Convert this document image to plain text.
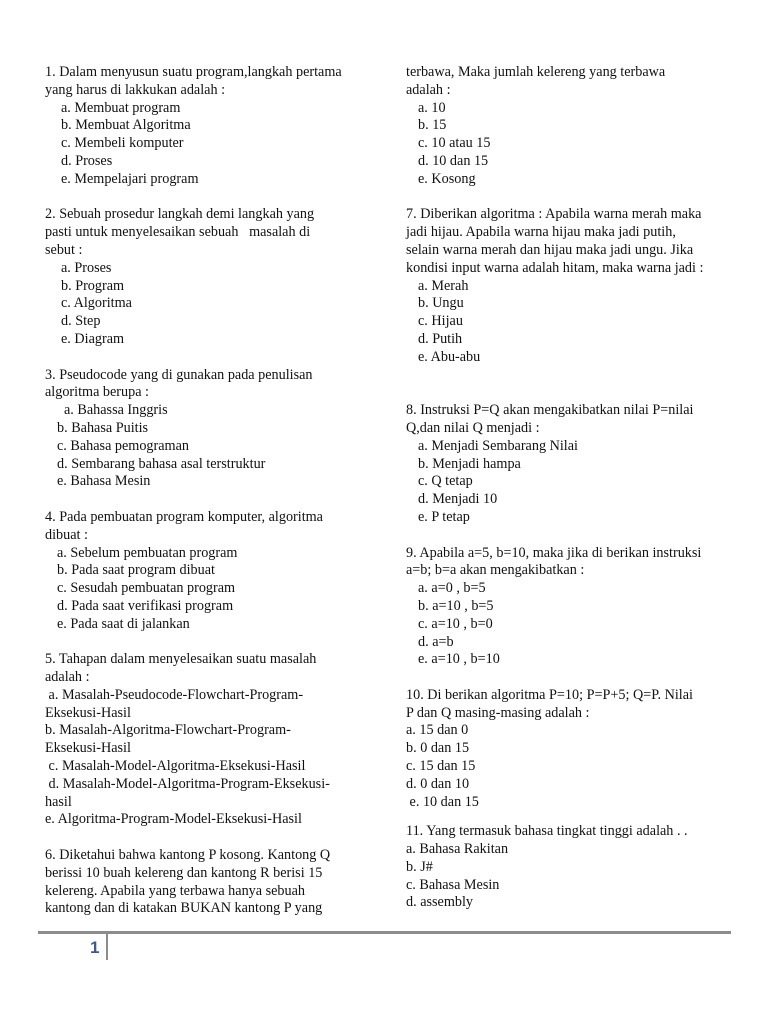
1. Dalam menyusun suatu program,langkah pertama
yang harus di lakkukan adalah :
a. Membuat program
b. Membuat Algoritma
c. Membeli komputer
d. Proses
e. Mempelajari program
2. Sebuah prosedur langkah demi langkah yang
pasti untuk menyelesaikan sebuah   masalah di
sebut :
a. Proses
b. Program
c. Algoritma
d. Step
e. Diagram
3. Pseudocode yang di gunakan pada penulisan
algoritma berupa :
a. Bahassa Inggris
b. Bahasa Puitis
c. Bahasa pemograman
d. Sembarang bahasa asal terstruktur
e. Bahasa Mesin
4. Pada pembuatan program komputer, algoritma
dibuat :
a. Sebelum pembuatan program
b. Pada saat program dibuat
c. Sesudah pembuatan program
d. Pada saat verifikasi program
e. Pada saat di jalankan
5. Tahapan dalam menyelesaikan suatu masalah
adalah :
a. Masalah-Pseudocode-Flowchart-Program-
Eksekusi-Hasil
b. Masalah-Algoritma-Flowchart-Program-
Eksekusi-Hasil
c. Masalah-Model-Algoritma-Eksekusi-Hasil
d. Masalah-Model-Algoritma-Program-Eksekusi-
hasil
e. Algoritma-Program-Model-Eksekusi-Hasil
6. Diketahui bahwa kantong P kosong. Kantong Q
berissi 10 buah kelereng dan kantong R berisi 15
kelereng. Apabila yang terbawa hanya sebuah
kantong dan di katakan BUKAN kantong P yang
terbawa, Maka jumlah kelereng yang terbawa
adalah :
a. 10
b. 15
c. 10 atau 15
d. 10 dan 15
e. Kosong
7. Diberikan algoritma : Apabila warna merah maka
jadi hijau. Apabila warna hijau maka jadi putih,
selain warna merah dan hijau maka jadi ungu. Jika
kondisi input warna adalah hitam, maka warna jadi :
a. Merah
b. Ungu
c. Hijau
d. Putih
e. Abu-abu
8. Instruksi P=Q akan mengakibatkan nilai P=nilai
Q,dan nilai Q menjadi :
a. Menjadi Sembarang Nilai
b. Menjadi hampa
c. Q tetap
d. Menjadi 10
e. P tetap
9. Apabila a=5, b=10, maka jika di berikan instruksi
a=b; b=a akan mengakibatkan :
a. a=0 , b=5
b. a=10 , b=5
c. a=10 , b=0
d. a=b
e. a=10 , b=10
10. Di berikan algoritma P=10; P=P+5; Q=P. Nilai
P dan Q masing-masing adalah :
a. 15 dan 0
b. 0 dan 15
c. 15 dan 15
d. 0 dan 10
e. 10 dan 15
11. Yang termasuk bahasa tingkat tinggi adalah . .
a. Bahasa Rakitan
b. J#
c. Bahasa Mesin
d. assembly
1
